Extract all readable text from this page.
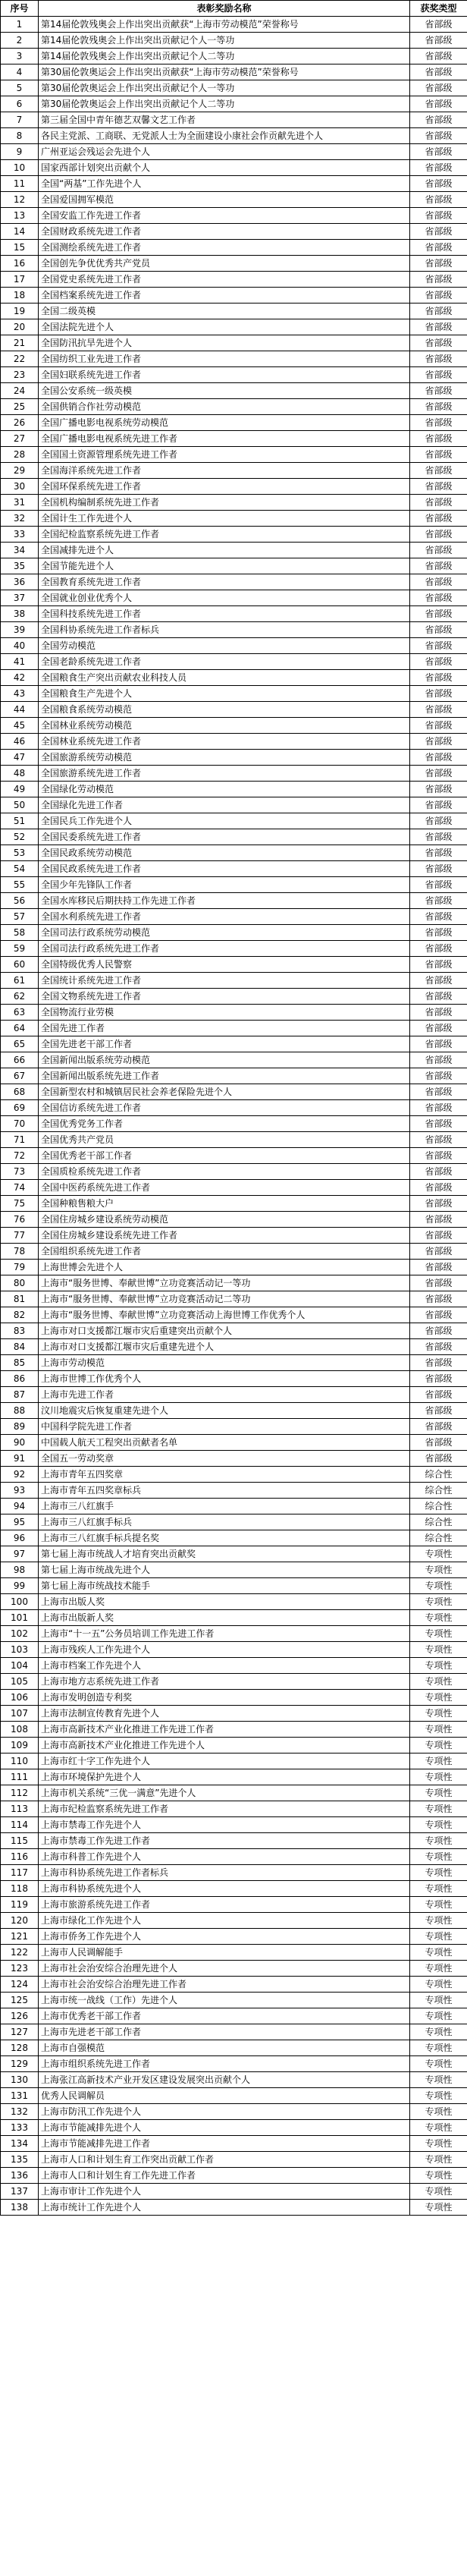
序号	表彰奖励名称	获奖类型
1	第14届伦敦残奥会上作出突出贡献获“上海市劳动模范”荣誉称号	省部级
2	第14届伦敦残奥会上作出突出贡献记个人一等功	省部级
3	第14届伦敦残奥会上作出突出贡献记个人二等功	省部级
4	第30届伦敦奥运会上作出突出贡献获“上海市劳动模范”荣誉称号	省部级
5	第30届伦敦奥运会上作出突出贡献记个人一等功	省部级
6	第30届伦敦奥运会上作出突出贡献记个人二等功	省部级
7	第三届全国中青年德艺双馨文艺工作者	省部级
8	各民主党派、工商联、无党派人士为全面建设小康社会作贡献先进个人	省部级
9	广州亚运会残运会先进个人	省部级
10	国家西部计划突出贡献个人	省部级
11	全国“两基”工作先进个人	省部级
12	全国爱国拥军模范	省部级
13	全国安监工作先进工作者	省部级
14	全国财政系统先进工作者	省部级
15	全国测绘系统先进工作者	省部级
16	全国创先争优优秀共产党员	省部级
17	全国党史系统先进工作者	省部级
18	全国档案系统先进工作者	省部级
19	全国二级英模	省部级
20	全国法院先进个人	省部级
21	全国防汛抗旱先进个人	省部级
22	全国纺织工业先进工作者	省部级
23	全国妇联系统先进工作者	省部级
24	全国公安系统一级英模	省部级
25	全国供销合作社劳动模范	省部级
26	全国广播电影电视系统劳动模范	省部级
27	全国广播电影电视系统先进工作者	省部级
28	全国国土资源管理系统先进工作者	省部级
29	全国海洋系统先进工作者	省部级
30	全国环保系统先进工作者	省部级
31	全国机构编制系统先进工作者	省部级
32	全国计生工作先进个人	省部级
33	全国纪检监察系统先进工作者	省部级
34	全国减排先进个人	省部级
35	全国节能先进个人	省部级
36	全国教育系统先进工作者	省部级
37	全国就业创业优秀个人	省部级
38	全国科技系统先进工作者	省部级
39	全国科协系统先进工作者标兵	省部级
40	全国劳动模范	省部级
41	全国老龄系统先进工作者	省部级
42	全国粮食生产突出贡献农业科技人员	省部级
43	全国粮食生产先进个人	省部级
44	全国粮食系统劳动模范	省部级
45	全国林业系统劳动模范	省部级
46	全国林业系统先进工作者	省部级
47	全国旅游系统劳动模范	省部级
48	全国旅游系统先进工作者	省部级
49	全国绿化劳动模范	省部级
50	全国绿化先进工作者	省部级
51	全国民兵工作先进个人	省部级
52	全国民委系统先进工作者	省部级
53	全国民政系统劳动模范	省部级
54	全国民政系统先进工作者	省部级
55	全国少年先锋队工作者	省部级
56	全国水库移民后期扶持工作先进工作者	省部级
57	全国水利系统先进工作者	省部级
58	全国司法行政系统劳动模范	省部级
59	全国司法行政系统先进工作者	省部级
60	全国特级优秀人民警察	省部级
61	全国统计系统先进工作者	省部级
62	全国文物系统先进工作者	省部级
63	全国物流行业劳模	省部级
64	全国先进工作者	省部级
65	全国先进老干部工作者	省部级
66	全国新闻出版系统劳动模范	省部级
67	全国新闻出版系统先进工作者	省部级
68	全国新型农村和城镇居民社会养老保险先进个人	省部级
69	全国信访系统先进工作者	省部级
70	全国优秀党务工作者	省部级
71	全国优秀共产党员	省部级
72	全国优秀老干部工作者	省部级
73	全国质检系统先进工作者	省部级
74	全国中医药系统先进工作者	省部级
75	全国种粮售粮大户	省部级
76	全国住房城乡建设系统劳动模范	省部级
77	全国住房城乡建设系统先进工作者	省部级
78	全国组织系统先进工作者	省部级
79	上海世博会先进个人	省部级
80	上海市“服务世博、奉献世博”立功竞赛活动记一等功	省部级
81	上海市“服务世博、奉献世博”立功竞赛活动记二等功	省部级
82	上海市“服务世博、奉献世博”立功竞赛活动上海世博工作优秀个人	省部级
83	上海市对口支援都江堰市灾后重建突出贡献个人	省部级
84	上海市对口支援都江堰市灾后重建先进个人	省部级
85	上海市劳动模范	省部级
86	上海市世博工作优秀个人	省部级
87	上海市先进工作者	省部级
88	汶川地震灾后恢复重建先进个人	省部级
89	中国科学院先进工作者	省部级
90	中国载人航天工程突出贡献者名单	省部级
91	全国五一劳动奖章	省部级
92	上海市青年五四奖章	综合性
93	上海市青年五四奖章标兵	综合性
94	上海市三八红旗手	综合性
95	上海市三八红旗手标兵	综合性
96	上海市三八红旗手标兵提名奖	综合性
97	第七届上海市统战人才培育突出贡献奖	专项性
98	第七届上海市统战先进个人	专项性
99	第七届上海市统战技术能手	专项性
100	上海市出版人奖	专项性
101	上海市出版新人奖	专项性
102	上海市“十一五”公务员培训工作先进工作者	专项性
103	上海市残疾人工作先进个人	专项性
104	上海市档案工作先进个人	专项性
105	上海市地方志系统先进工作者	专项性
106	上海市发明创造专利奖	专项性
107	上海市法制宣传教育先进个人	专项性
108	上海市高新技术产业化推进工作先进工作者	专项性
109	上海市高新技术产业化推进工作先进个人	专项性
110	上海市红十字工作先进个人	专项性
111	上海市环境保护先进个人	专项性
112	上海市机关系统“三优一满意”先进个人	专项性
113	上海市纪检监察系统先进工作者	专项性
114	上海市禁毒工作先进个人	专项性
115	上海市禁毒工作先进工作者	专项性
116	上海市科普工作先进个人	专项性
117	上海市科协系统先进工作者标兵	专项性
118	上海市科协系统先进个人	专项性
119	上海市旅游系统先进工作者	专项性
120	上海市绿化工作先进个人	专项性
121	上海市侨务工作先进个人	专项性
122	上海市人民调解能手	专项性
123	上海市社会治安综合治理先进个人	专项性
124	上海市社会治安综合治理先进工作者	专项性
125	上海市统一战线（工作）先进个人	专项性
126	上海市优秀老干部工作者	专项性
127	上海市先进老干部工作者	专项性
128	上海市自强模范	专项性
129	上海市组织系统先进工作者	专项性
130	上海张江高新技术产业开发区建设发展突出贡献个人	专项性
131	优秀人民调解员	专项性
132	上海市防汛工作先进个人	专项性
133	上海市节能减排先进个人	专项性
134	上海市节能减排先进工作者	专项性
135	上海市人口和计划生育工作突出贡献工作者	专项性
136	上海市人口和计划生育工作先进工作者	专项性
137	上海市审计工作先进个人	专项性
138	上海市统计工作先进个人	专项性
